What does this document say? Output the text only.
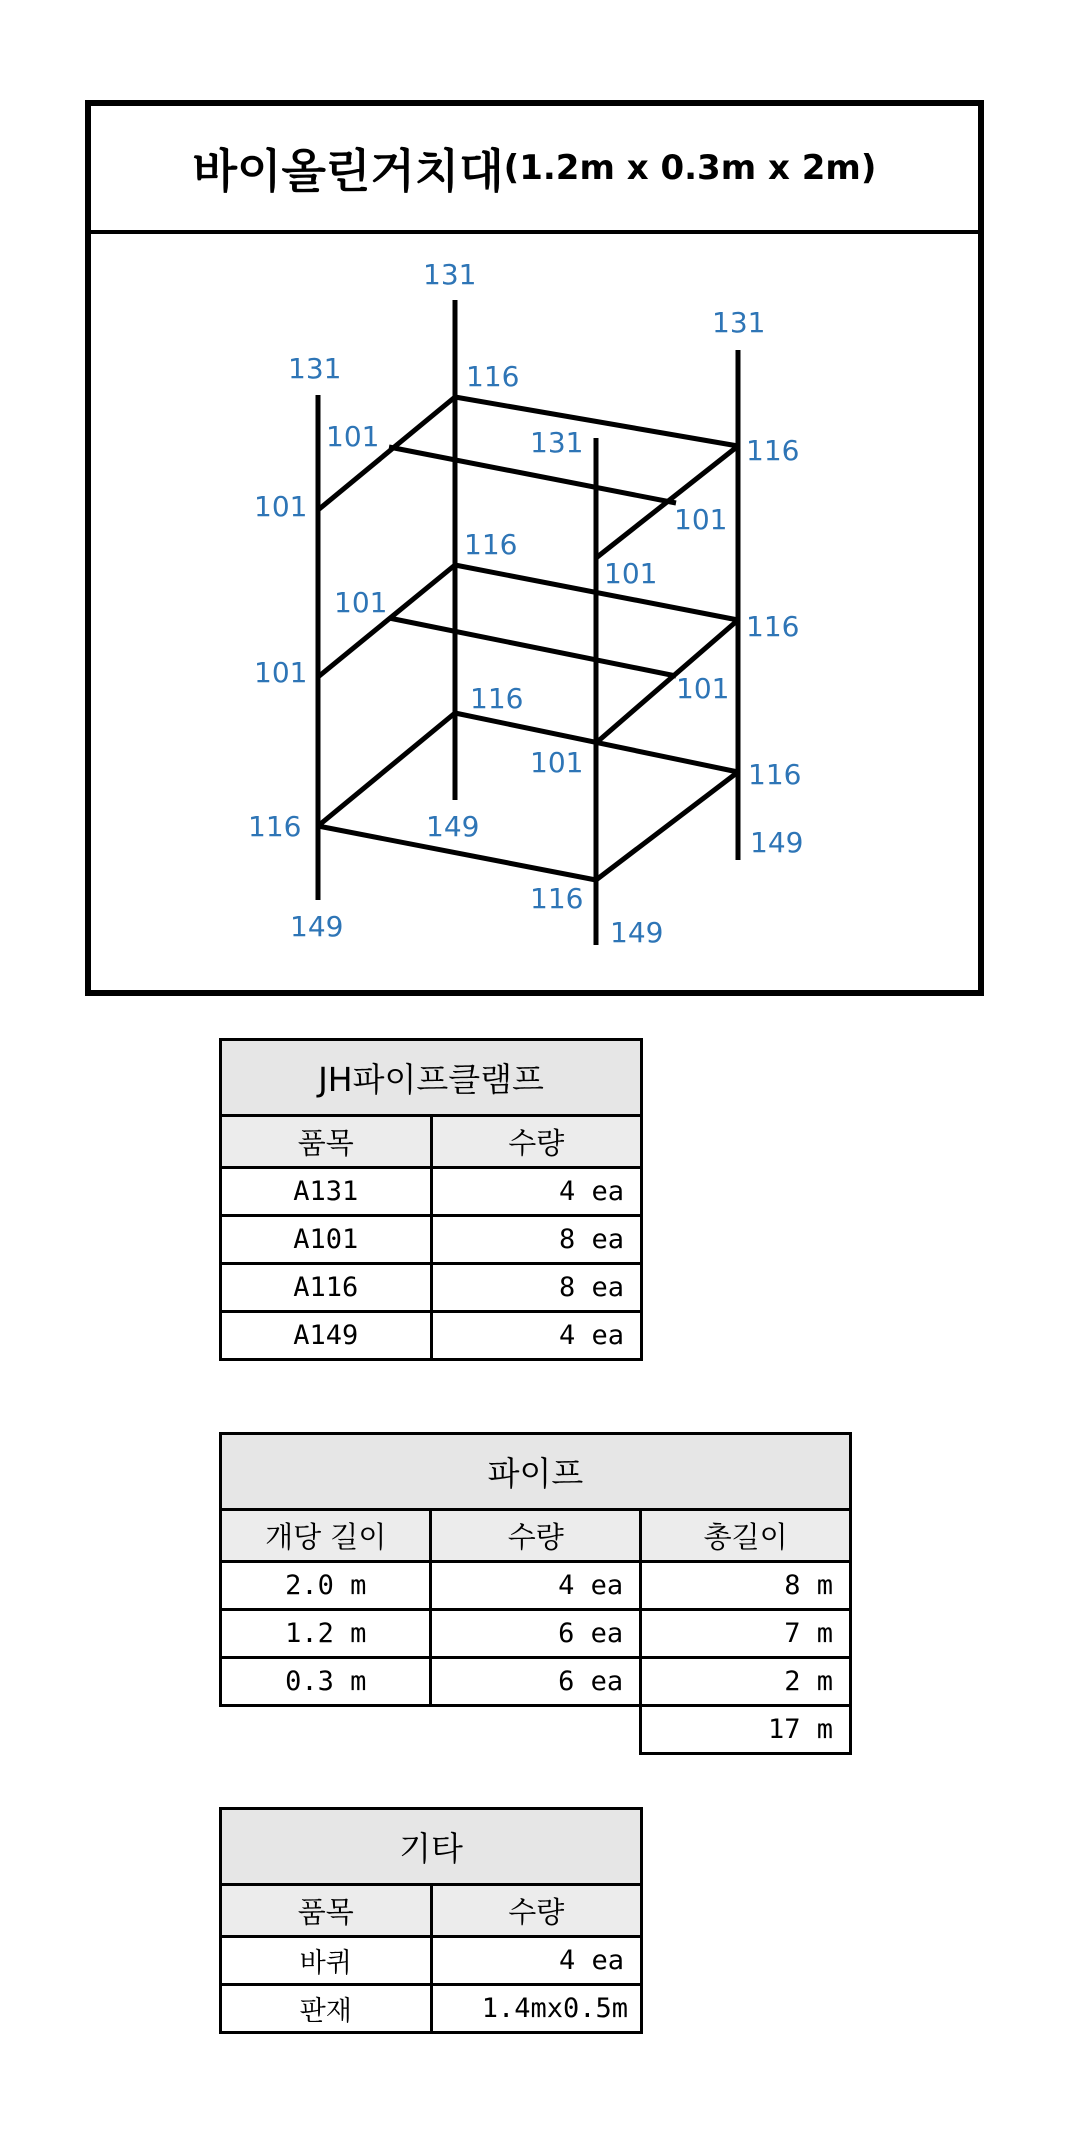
바이올린거치대 (1.2m x 0.3m x 2m)
131
131
131
131
116
116
101
101	101
101
116
116
101
101	101
101
116
116
116
116
149	149
149	149
JH파이프클램프	
품목	수량
A131	4 ea
A101	8 ea
A116	8 ea
A149	4 ea
파이프		
개당 길이	수량	총길이
2.0 m	4 ea	8 m
1.2 m	6 ea	7 m
0.3 m	6 ea	2 m
		17 m
기타	
품목	수량
바퀴	4 ea
판재	1.4mx0.5m
